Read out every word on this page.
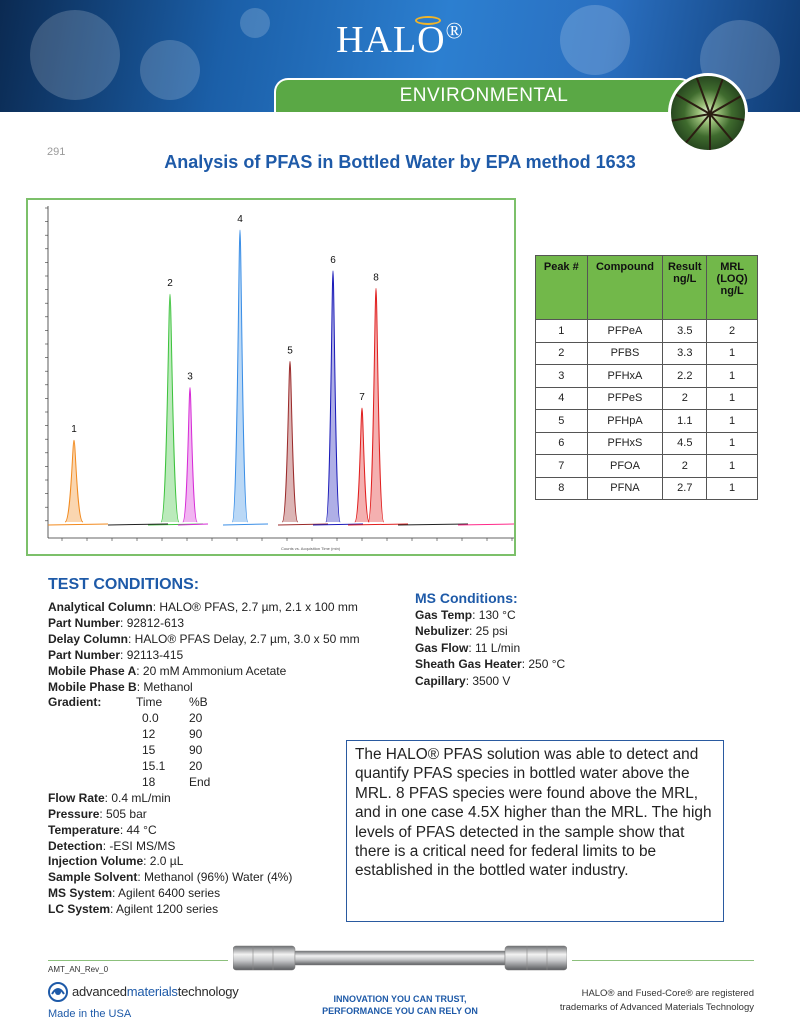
HALO®
ENVIRONMENTAL
291	Analysis of PFAS in Bottled Water by EPA method 1633
Counts vs. Acquisition Time (min)
1
2
3
4
5
6
7
8
Peak #	Compound	Result ng/L	MRL (LOQ) ng/L
1	PFPeA	3.5	2
2	PFBS	3.3	1
3	PFHxA	2.2	1
4	PFPeS	2	1
5	PFHpA	1.1	1
6	PFHxS	4.5	1
7	PFOA	2	1
8	PFNA	2.7	1
TEST CONDITIONS:
Analytical Column: HALO® PFAS, 2.7 µm, 2.1 x 100 mm
Part Number: 92812-613
Delay Column: HALO® PFAS Delay, 2.7 µm, 3.0 x 50 mm
Part Number: 92113-415
Mobile Phase A: 20 mM Ammonium Acetate
Mobile Phase B: Methanol
Gradient:	Time %B
0.0	20
12	90
15	90
15.1 20
18	End
Flow Rate: 0.4 mL/min
Pressure: 505 bar
Temperature: 44 °C
Detection: -ESI MS/MS
Injection Volume: 2.0 µL
Sample Solvent: Methanol (96%) Water (4%)
MS System: Agilent 6400 series
LC System: Agilent 1200 series
MS Conditions:
Gas Temp: 130 °C
Nebulizer: 25 psi
Gas Flow: 11 L/min
Sheath Gas Heater: 250 °C
Capillary: 3500 V
The HALO® PFAS solution was able to detect and quantify PFAS species in bottled water above the MRL. 8 PFAS species were found above the MRL, and in one case 4.5X higher than the MRL. The high levels of PFAS detected in the sample show that there is a critical need for federal limits to be established in the bottled water industry.
AMT_AN_Rev_0
advancedmaterialstechnology
Made in the USA
INNOVATION YOU CAN TRUST,
PERFORMANCE YOU CAN RELY ON
HALO® and Fused-Core® are registered
trademarks of Advanced Materials Technology
